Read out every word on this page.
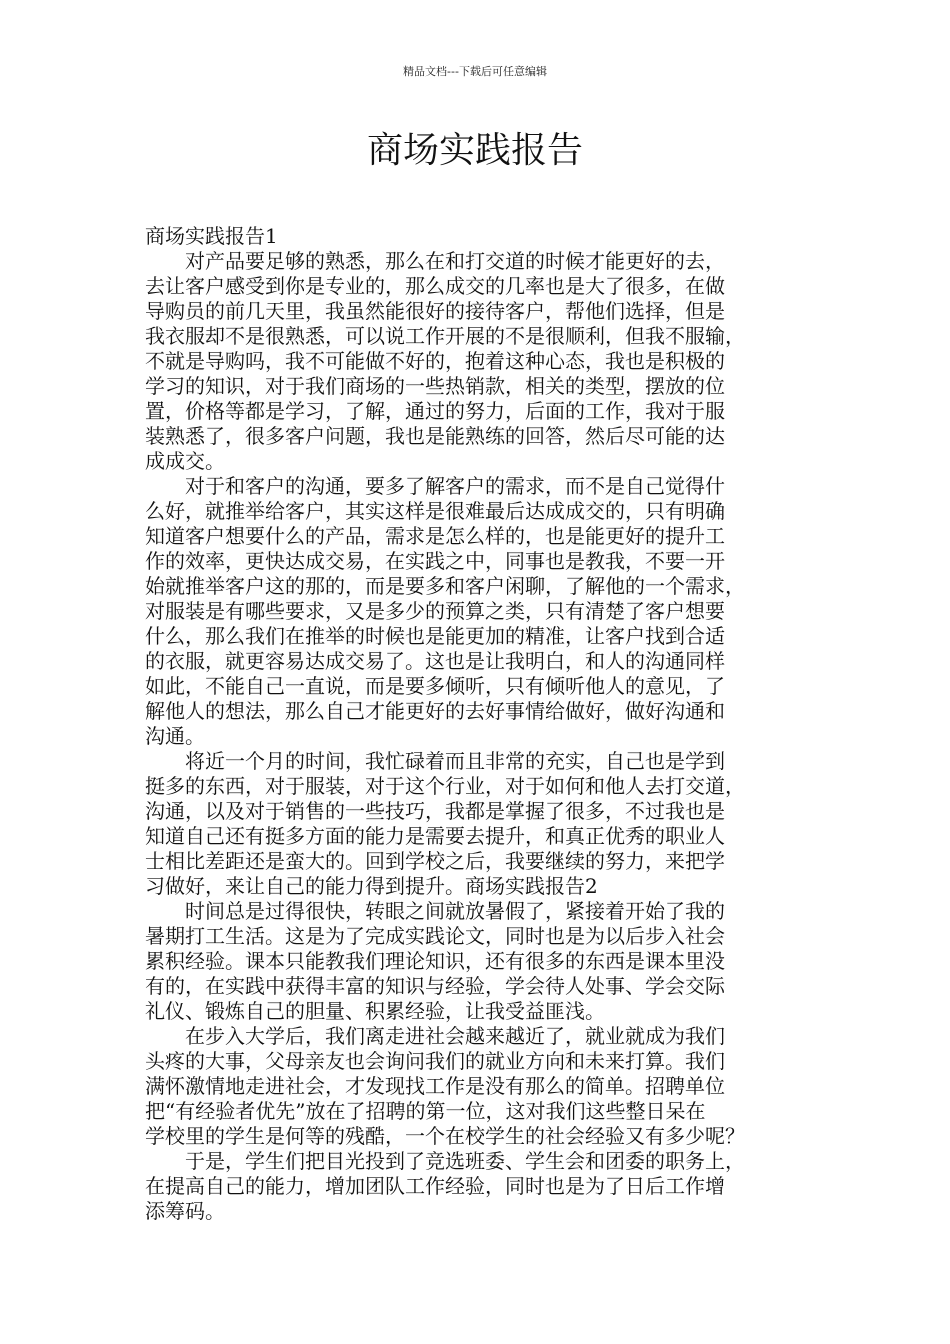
精品文档---下载后可任意编辑
商场实践报告
商场实践报告1
　　对产品要足够的熟悉，那么在和打交道的时候才能更好的去，
去让客户感受到你是专业的，那么成交的几率也是大了很多，在做
导购员的前几天里，我虽然能很好的接待客户，帮他们选择，但是
我衣服却不是很熟悉，可以说工作开展的不是很顺利，但我不服输，
不就是导购吗，我不可能做不好的，抱着这种心态，我也是积极的
学习的知识，对于我们商场的一些热销款，相关的类型，摆放的位
置，价格等都是学习，了解，通过的努力，后面的工作，我对于服
装熟悉了，很多客户问题，我也是能熟练的回答，然后尽可能的达
成成交。
　　对于和客户的沟通，要多了解客户的需求，而不是自己觉得什
么好，就推举给客户，其实这样是很难最后达成成交的，只有明确
知道客户想要什么的产品，需求是怎么样的，也是能更好的提升工
作的效率，更快达成交易，在实践之中，同事也是教我，不要一开
始就推举客户这的那的，而是要多和客户闲聊，了解他的一个需求，
对服装是有哪些要求，又是多少的预算之类，只有清楚了客户想要
什么，那么我们在推举的时候也是能更加的精准，让客户找到合适
的衣服，就更容易达成交易了。这也是让我明白，和人的沟通同样
如此，不能自己一直说，而是要多倾听，只有倾听他人的意见，了
解他人的想法，那么自己才能更好的去好事情给做好，做好沟通和
沟通。
　　将近一个月的时间，我忙碌着而且非常的充实，自己也是学到
挺多的东西，对于服装，对于这个行业，对于如何和他人去打交道，
沟通，以及对于销售的一些技巧，我都是掌握了很多，不过我也是
知道自己还有挺多方面的能力是需要去提升，和真正优秀的职业人
士相比差距还是蛮大的。回到学校之后，我要继续的努力，来把学
习做好，来让自己的能力得到提升。商场实践报告2
　　时间总是过得很快，转眼之间就放暑假了，紧接着开始了我的
暑期打工生活。这是为了完成实践论文，同时也是为以后步入社会
累积经验。课本只能教我们理论知识，还有很多的东西是课本里没
有的，在实践中获得丰富的知识与经验，学会待人处事、学会交际
礼仪、锻炼自己的胆量、积累经验，让我受益匪浅。
　　在步入大学后，我们离走进社会越来越近了，就业就成为我们
头疼的大事，父母亲友也会询问我们的就业方向和未来打算。我们
满怀激情地走进社会，才发现找工作是没有那么的简单。招聘单位
把“有经验者优先”放在了招聘的第一位，这对我们这些整日呆在
学校里的学生是何等的残酷，一个在校学生的社会经验又有多少呢？
　　于是，学生们把目光投到了竞选班委、学生会和团委的职务上，
在提高自己的能力，增加团队工作经验，同时也是为了日后工作增
添筹码。
